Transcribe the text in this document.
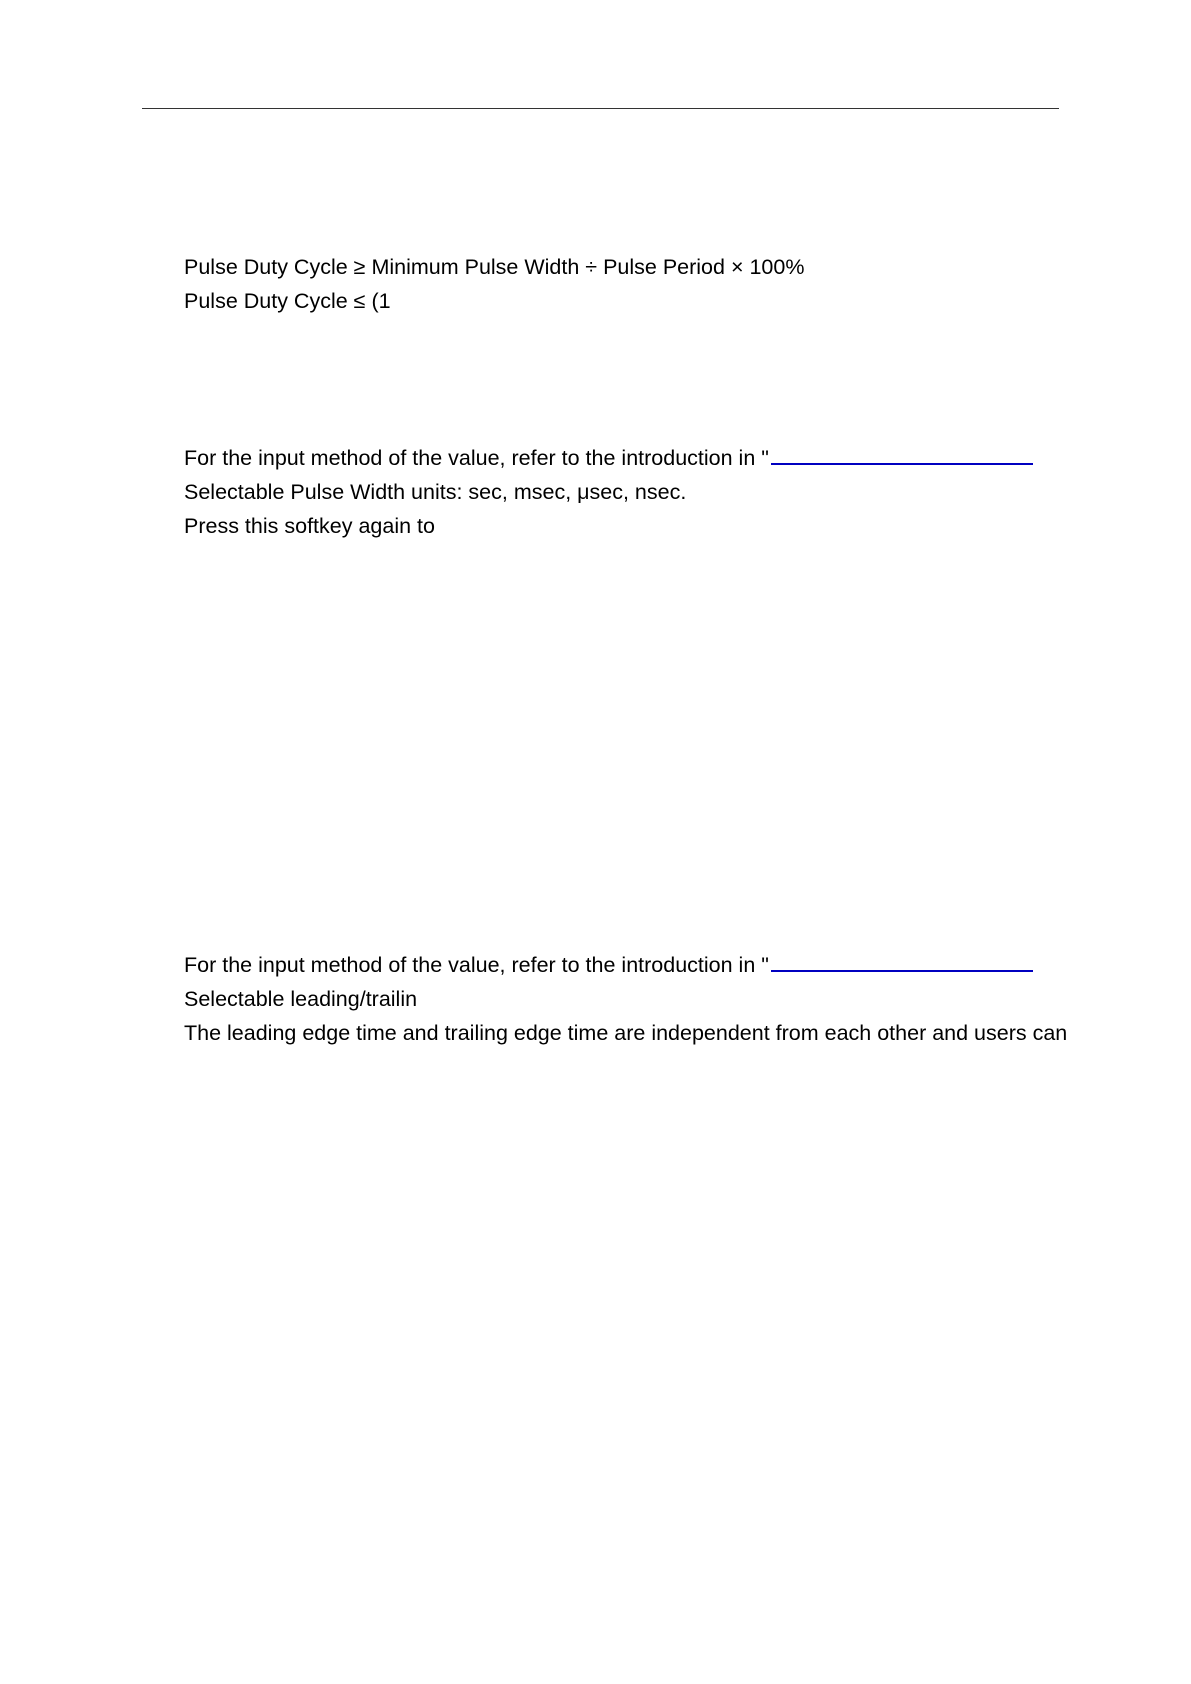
Pulse Duty Cycle ≥ Minimum Pulse Width ÷ Pulse Period × 100%

Pulse Duty Cycle ≤ (1

For the input method of the value, refer to the introduction in "

Selectable Pulse Width units: sec, msec, μsec, nsec.

Press this softkey again to

For the input method of the value, refer to the introduction in "

Selectable leading/trailin

The leading edge time and trailing edge time are independent from each other and users can
